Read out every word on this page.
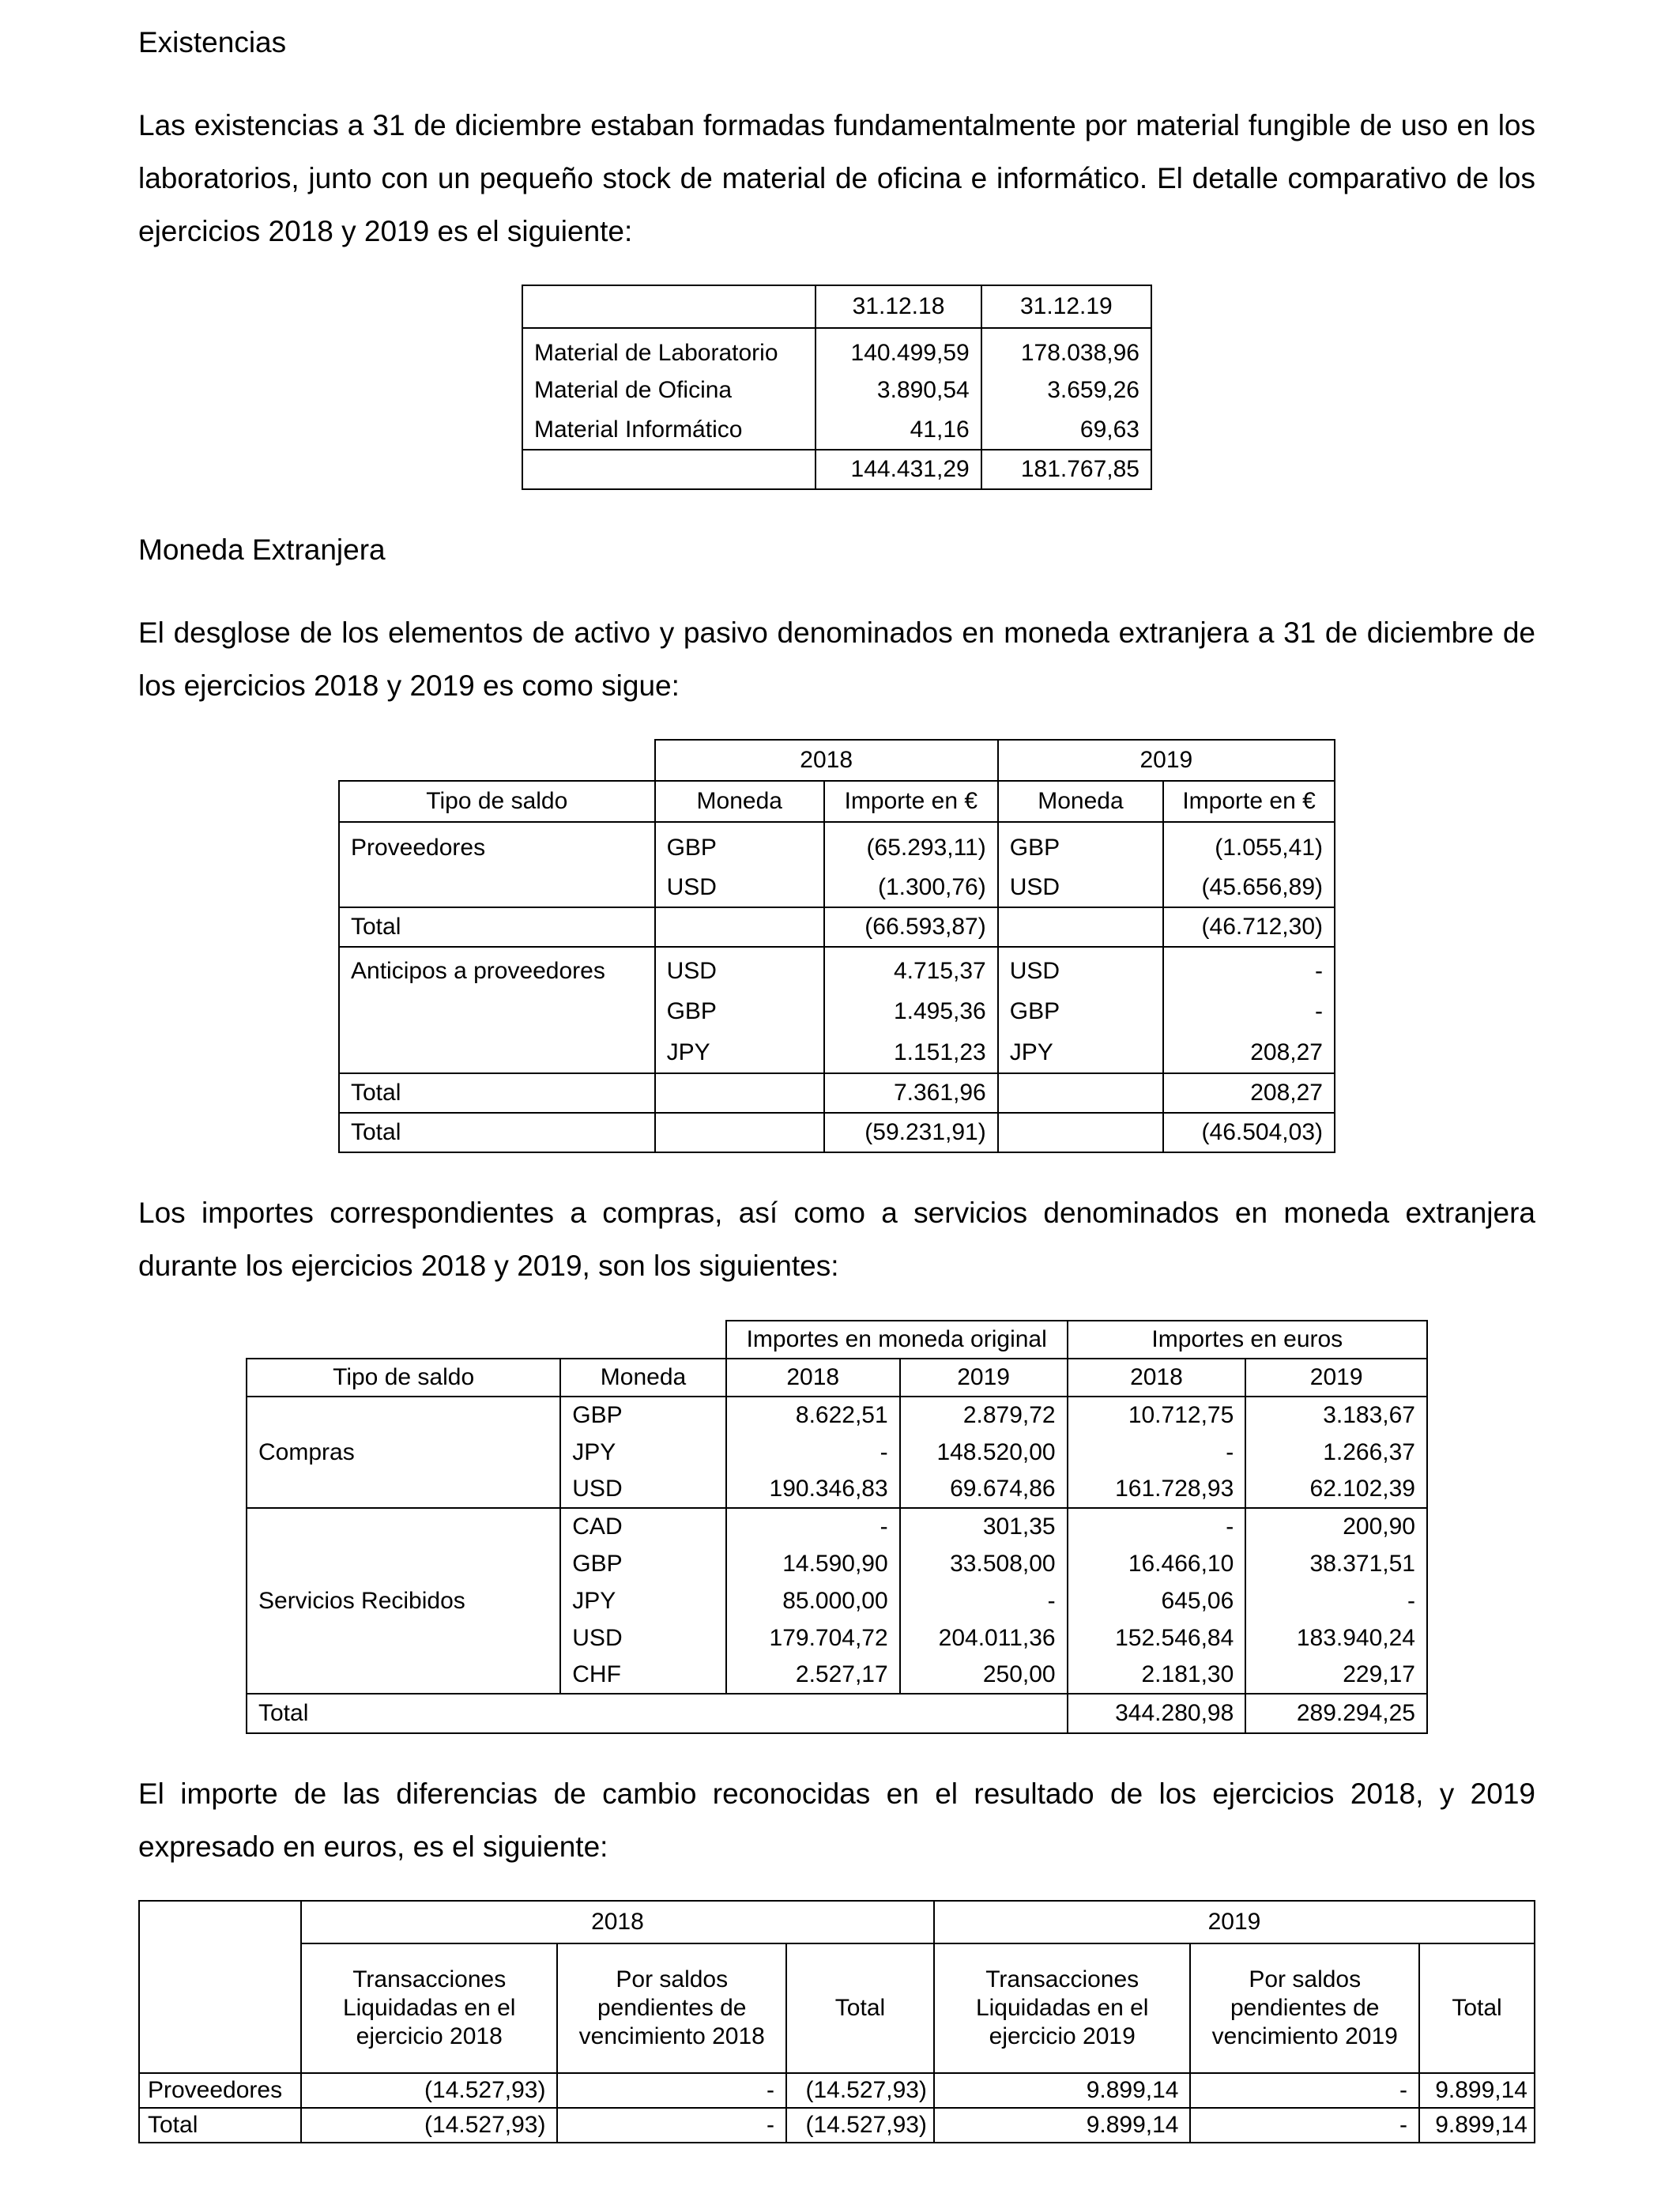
Existencias
Las existencias a 31 de diciembre estaban formadas fundamentalmente por material fungible de uso en los laboratorios, junto con un pequeño stock de material de oficina e informático. El detalle comparativo de los ejercicios 2018 y 2019 es el siguiente:
	31.12.18	31.12.19
Material de Laboratorio	140.499,59	178.038,96
Material de Oficina	3.890,54	3.659,26
Material Informático	41,16	69,63
	144.431,29	181.767,85
Moneda Extranjera
El desglose de los elementos de activo y pasivo denominados en moneda extranjera a 31 de diciembre de los ejercicios 2018 y 2019 es como sigue:
	2018		2019	
Tipo de saldo	Moneda	Importe en €	Moneda	Importe en €
Proveedores	GBP	(65.293,11)	GBP	(1.055,41)
	USD	(1.300,76)	USD	(45.656,89)
Total		(66.593,87)		(46.712,30)
Anticipos a proveedores	USD	4.715,37	USD	-
	GBP	1.495,36	GBP	-
	JPY	1.151,23	JPY	208,27
Total		7.361,96		208,27
Total		(59.231,91)		(46.504,03)
Los importes correspondientes a compras, así como a servicios denominados en moneda extranjera durante los ejercicios 2018 y 2019, son los siguientes:
		Importes en moneda original		Importes en euros	
Tipo de saldo	Moneda	2018	2019	2018	2019
Compras	GBP	8.622,51	2.879,72	10.712,75	3.183,67
	JPY	-	148.520,00	-	1.266,37
	USD	190.346,83	69.674,86	161.728,93	62.102,39
Servicios Recibidos	CAD	-	301,35	-	200,90
	GBP	14.590,90	33.508,00	16.466,10	38.371,51
	JPY	85.000,00	-	645,06	-
	USD	179.704,72	204.011,36	152.546,84	183.940,24
	CHF	2.527,17	250,00	2.181,30	229,17
Total				344.280,98	289.294,25
El importe de las diferencias de cambio reconocidas en el resultado de los ejercicios 2018, y 2019 expresado en euros, es el siguiente:
	2018			2019		
	Transacciones Liquidadas en el ejercicio 2018	Por saldos pendientes de vencimiento 2018	Total	Transacciones Liquidadas en el ejercicio 2019	Por saldos pendientes de vencimiento 2019	Total
Proveedores	(14.527,93)	-	(14.527,93)	9.899,14	-	9.899,14
Total	(14.527,93)	-	(14.527,93)	9.899,14	-	9.899,14
